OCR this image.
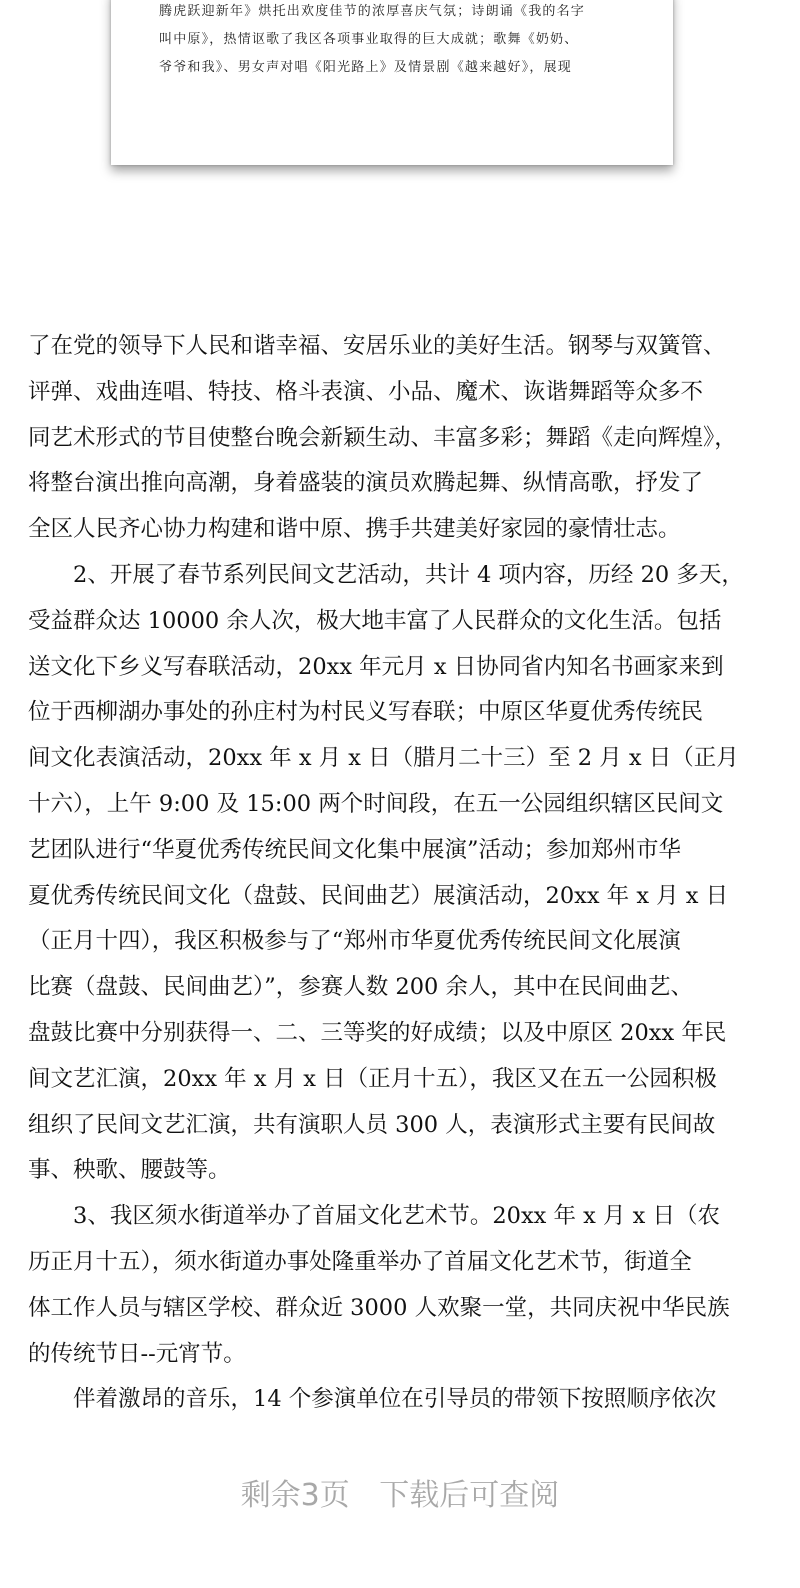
腾虎跃迎新年》烘托出欢度佳节的浓厚喜庆气氛；诗朗诵《我的名字
叫中原》，热情讴歌了我区各项事业取得的巨大成就；歌舞《奶奶、
爷爷和我》、男女声对唱《阳光路上》及情景剧《越来越好》，展现
了在党的领导下人民和谐幸福、安居乐业的美好生活。钢琴与双簧管、
评弹、戏曲连唱、特技、格斗表演、小品、魔术、诙谐舞蹈等众多不
同艺术形式的节目使整台晚会新颖生动、丰富多彩；舞蹈《走向辉煌》，
将整台演出推向高潮，身着盛装的演员欢腾起舞、纵情高歌，抒发了
全区人民齐心协力构建和谐中原、携手共建美好家园的豪情壮志。
　　2、开展了春节系列民间文艺活动，共计 4 项内容，历经 20 多天，
受益群众达 10000 余人次，极大地丰富了人民群众的文化生活。包括
送文化下乡义写春联活动，20xx 年元月 x 日协同省内知名书画家来到
位于西柳湖办事处的孙庄村为村民义写春联；中原区华夏优秀传统民
间文化表演活动，20xx 年 x 月 x 日（腊月二十三）至 2 月 x 日（正月
十六），上午 9:00 及 15:00 两个时间段，在五一公园组织辖区民间文
艺团队进行“华夏优秀传统民间文化集中展演”活动；参加郑州市华
夏优秀传统民间文化（盘鼓、民间曲艺）展演活动，20xx 年 x 月 x 日
（正月十四），我区积极参与了“郑州市华夏优秀传统民间文化展演
比赛（盘鼓、民间曲艺）”，参赛人数 200 余人，其中在民间曲艺、
盘鼓比赛中分别获得一、二、三等奖的好成绩；以及中原区 20xx 年民
间文艺汇演，20xx 年 x 月 x 日（正月十五），我区又在五一公园积极
组织了民间文艺汇演，共有演职人员 300 人，表演形式主要有民间故
事、秧歌、腰鼓等。
　　3、我区须水街道举办了首届文化艺术节。20xx 年 x 月 x 日（农
历正月十五），须水街道办事处隆重举办了首届文化艺术节，街道全
体工作人员与辖区学校、群众近 3000 人欢聚一堂，共同庆祝中华民族
的传统节日--元宵节。
　　伴着激昂的音乐，14 个参演单位在引导员的带领下按照顺序依次
剩余3页 下载后可查阅
